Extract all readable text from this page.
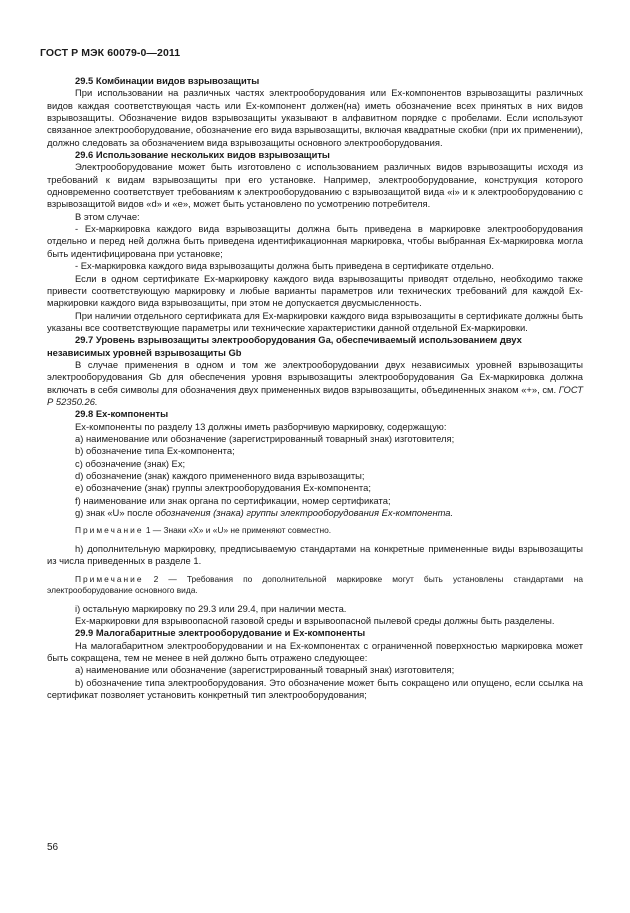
ГОСТ Р МЭК 60079-0—2011

29.5 Комбинации видов взрывозащиты

При использовании на различных частях электрооборудования или Ex-компонентов взрывозащиты различных видов каждая соответствующая часть или Ex-компонент должен(на) иметь обозначение всех принятых в них видов взрывозащиты. Обозначение видов взрывозащиты указывают в алфавитном порядке с пробелами. Если используют связанное электрооборудование, обозначение его вида взрывозащиты, включая квадратные скобки (при их применении), должно следовать за обозначением вида взрывозащиты основного электрооборудования.

29.6 Использование нескольких видов взрывозащиты

Электрооборудование может быть изготовлено с использованием различных видов взрывозащиты исходя из требований к видам взрывозащиты при его установке. Например, электрооборудование, конструкция которого одновременно соответствует требованиям к электрооборудованию с взрывозащитой вида «i» и к электрооборудованию с взрывозащитой видов «d» и «е», может быть установлено по усмотрению потребителя.

В этом случае:

- Ex-маркировка каждого вида взрывозащиты должна быть приведена в маркировке электрооборудования отдельно и перед ней должна быть приведена идентификационная маркировка, чтобы выбранная Ex-маркировка могла быть идентифицирована при установке;

- Ex-маркировка каждого вида взрывозащиты должна быть приведена в сертификате отдельно.

Если в одном сертификате Ex-маркировку каждого вида взрывозащиты приводят отдельно, необходимо также привести соответствующую маркировку и любые варианты параметров или технических требований для каждой Ex-маркировки каждого вида взрывозащиты, при этом не допускается двусмысленность.

При наличии отдельного сертификата для Ex-маркировки каждого вида взрывозащиты в сертификате должны быть указаны все соответствующие параметры или технические характеристики данной отдельной Ex-маркировки.

29.7 Уровень взрывозащиты электрооборудования Ga, обеспечиваемый использованием двух независимых уровней взрывозащиты Gb

В случае применения в одном и том же электрооборудовании двух независимых уровней взрывозащиты электрооборудования Gb для обеспечения уровня взрывозащиты электрооборудования Ga Ex-маркировка должна включать в себя символы для обозначения двух примененных видов взрывозащиты, объединенных знаком «+», см. ГОСТ Р 52350.26.

29.8 Ex-компоненты

Ex-компоненты по разделу 13 должны иметь разборчивую маркировку, содержащую:

a) наименование или обозначение (зарегистрированный товарный знак) изготовителя;

b) обозначение типа Ex-компонента;

c) обозначение (знак) Ex;

d) обозначение (знак) каждого примененного вида взрывозащиты;

e) обозначение (знак) группы электрооборудования Ex-компонента;

f) наименование или знак органа по сертификации, номер сертификата;

g) знак «U» после обозначения (знака) группы электрооборудования Ex-компонента.

Примечание 1 — Знаки «X» и «U» не применяют совместно.

h) дополнительную маркировку, предписываемую стандартами на конкретные примененные виды взрывозащиты из числа приведенных в разделе 1.

Примечание 2 — Требования по дополнительной маркировке могут быть установлены стандартами на электрооборудование основного вида.

i) остальную маркировку по 29.3 или 29.4, при наличии места.

Ex-маркировки для взрывоопасной газовой среды и взрывоопасной пылевой среды должны быть разделены.

29.9 Малогабаритные электрооборудование и Ex-компоненты

На малогабаритном электрооборудовании и на Ex-компонентах с ограниченной поверхностью маркировка может быть сокращена, тем не менее в ней должно быть отражено следующее:

a) наименование или обозначение (зарегистрированный товарный знак) изготовителя;

b) обозначение типа электрооборудования. Это обозначение может быть сокращено или опущено, если ссылка на сертификат позволяет установить конкретный тип электрооборудования;

56
